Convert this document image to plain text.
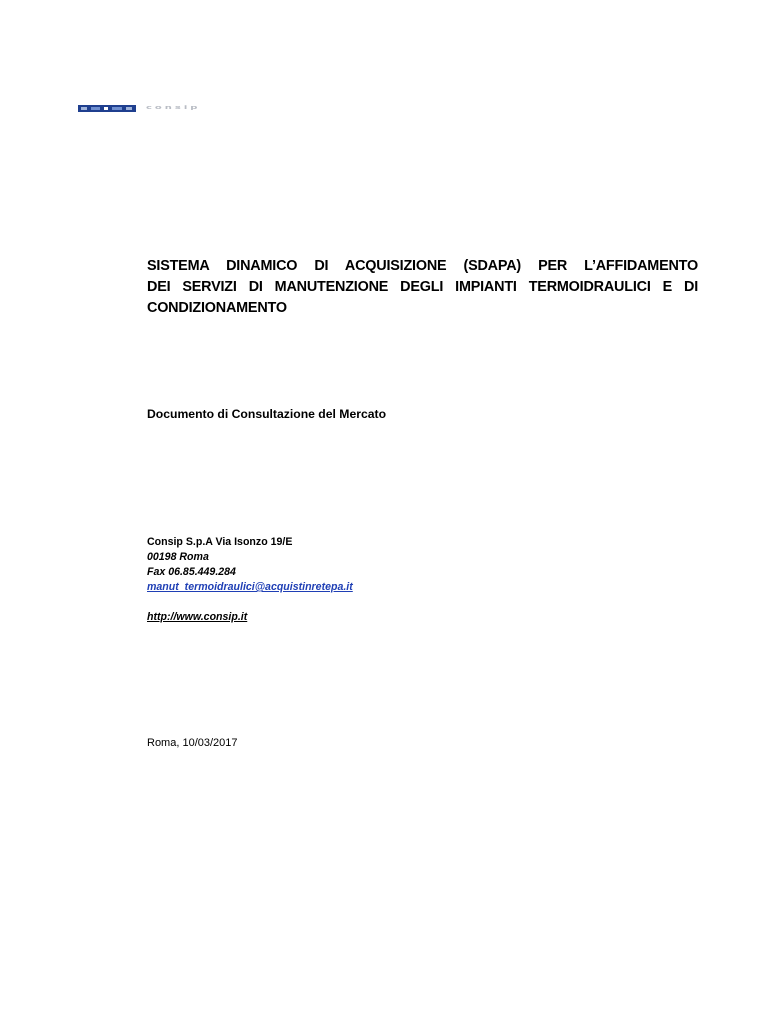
consip
SISTEMA DINAMICO DI ACQUISIZIONE (SDAPA) PER L’AFFIDAMENTO
DEI SERVIZI DI MANUTENZIONE DEGLI IMPIANTI TERMOIDRAULICI E DI
CONDIZIONAMENTO
Documento di Consultazione del Mercato
Consip S.p.A Via Isonzo 19/E
00198 Roma
Fax 06.85.449.284
manut_termoidraulici@acquistinretepa.it
http://www.consip.it
Roma, 10/03/2017
